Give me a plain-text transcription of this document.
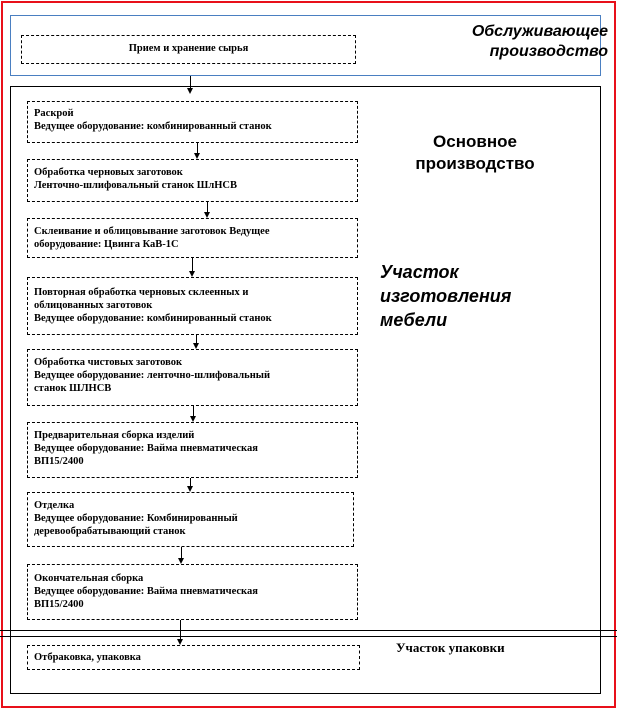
Обслуживающее производство
Основное производство
Участок изготовления мебели
Участок упаковки
Прием и хранение сырья
Раскрой
Ведущее оборудование: комбинированный станок
Обработка черновых заготовок
Ленточно-шлифовальный станок ШлНСВ
Склеивание и облицовывание заготовок Ведущее
оборудование: Цвинга КаВ-1С
Повторная обработка черновых склеенных и
облицованных заготовок
Ведущее оборудование: комбинированный станок
Обработка чистовых заготовок
Ведущее оборудование: ленточно-шлифовальный
станок ШЛНСВ
Предварительная сборка изделий
Ведущее оборудование: Вайма пневматическая
ВП15/2400
Отделка
Ведущее оборудование: Комбинированный
деревообрабатывающий станок
Окончательная сборка
Ведущее оборудование: Вайма пневматическая
ВП15/2400
Отбраковка, упаковка
